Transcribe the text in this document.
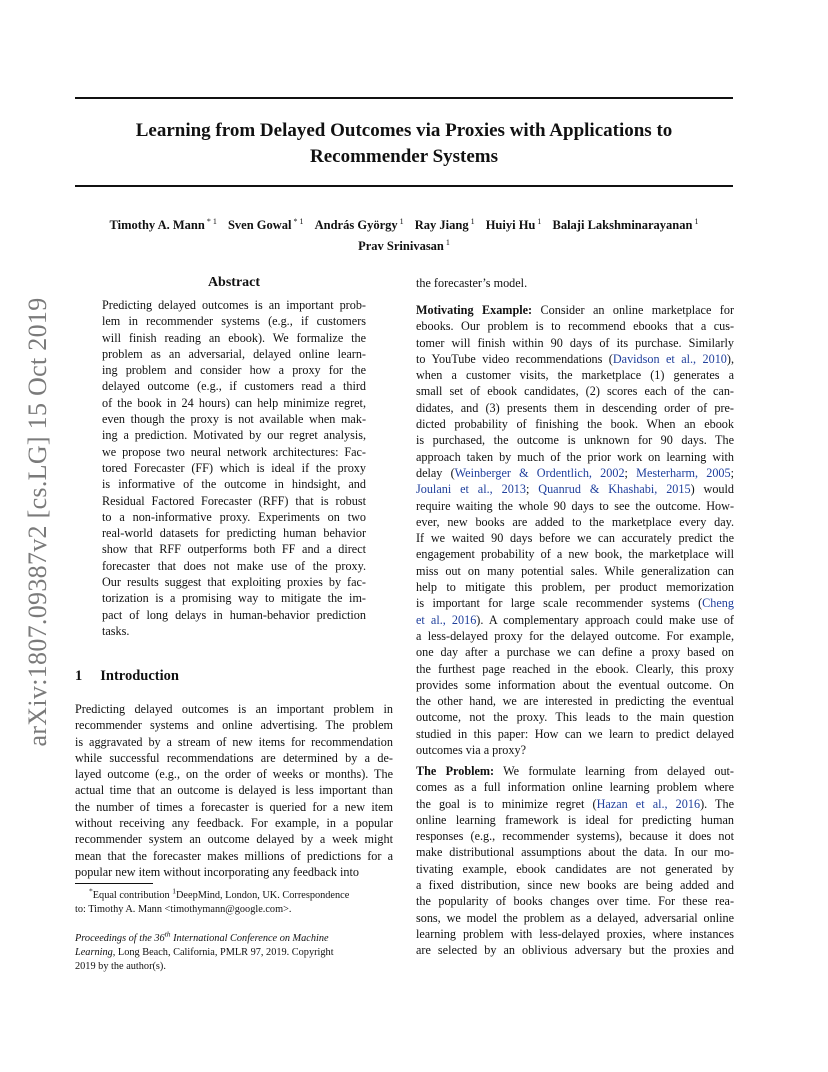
Learning from Delayed Outcomes via Proxies with Applications to
Recommender Systems
Timothy A. Mann $^{* 1}$ Sven Gowal $^{* 1}$ András György $^1$ Ray Jiang $^1$ Huiyi Hu $^1$ Balaji Lakshminarayanan $^1$
Prav Srinivasan $^1$
arXiv:1807.09387v2 [cs.LG] 15 Oct 2019
Abstract

Predicting delayed outcomes is an important prob-
lem in recommender systems (e.g., if customers
will finish reading an ebook). We formalize the
problem as an adversarial, delayed online learn-
ing problem and consider how a proxy for the
delayed outcome (e.g., if customers read a third
of the book in 24 hours) can help minimize regret,
even though the proxy is not available when mak-
ing a prediction. Motivated by our regret analysis,
we propose two neural network architectures: Fac-
tored Forecaster (FF) which is ideal if the proxy
is informative of the outcome in hindsight, and
Residual Factored Forecaster (RFF) that is robust
to a non-informative proxy. Experiments on two
real-world datasets for predicting human behavior
show that RFF outperforms both FF and a direct
forecaster that does not make use of the proxy.
Our results suggest that exploiting proxies by fac-
torization is a promising way to mitigate the im-
pact of long delays in human-behavior prediction
tasks.

1 Introduction

Predicting delayed outcomes is an important problem in
recommender systems and online advertising. The problem
is aggravated by a stream of new items for recommendation
while successful recommendations are determined by a de-
layed outcome (e.g., on the order of weeks or months). The
actual time that an outcome is delayed is less important than
the number of times a forecaster is queried for a new item
without receiving any feedback. For example, in a popular
recommender system an outcome delayed by a week might
mean that the forecaster makes millions of predictions for a
popular new item without incorporating any feedback into

*Equal contribution $^1$DeepMind, London, UK. Correspondence
to: Timothy A. Mann <timothymann@google.com>.
Proceedings of the 36th International Conference on Machine
Learning, Long Beach, California, PMLR 97, 2019. Copyright
2019 by the author(s).
the forecaster’s model.

Motivating Example: Consider an online marketplace for
ebooks. Our problem is to recommend ebooks that a cus-
tomer will finish within 90 days of its purchase. Similarly
to YouTube video recommendations (Davidson et al., 2010),
when a customer visits, the marketplace (1) generates a
small set of ebook candidates, (2) scores each of the can-
didates, and (3) presents them in descending order of pre-
dicted probability of finishing the book. When an ebook
is purchased, the outcome is unknown for 90 days. The
approach taken by much of the prior work on learning with
delay (Weinberger & Ordentlich, 2002; Mesterharm, 2005;
Joulani et al., 2013; Quanrud & Khashabi, 2015) would
require waiting the whole 90 days to see the outcome. How-
ever, new books are added to the marketplace every day.
If we waited 90 days before we can accurately predict the
engagement probability of a new book, the marketplace will
miss out on many potential sales. While generalization can
help to mitigate this problem, per product memorization
is important for large scale recommender systems (Cheng
et al., 2016). A complementary approach could make use of
a less-delayed proxy for the delayed outcome. For example,
one day after a purchase we can define a proxy based on
the furthest page reached in the ebook. Clearly, this proxy
provides some information about the eventual outcome. On
the other hand, we are interested in predicting the eventual
outcome, not the proxy. This leads to the main question
studied in this paper: How can we learn to predict delayed
outcomes via a proxy?

The Problem: We formulate learning from delayed out-
comes as a full information online learning problem where
the goal is to minimize regret (Hazan et al., 2016). The
online learning framework is ideal for predicting human
responses (e.g., recommender systems), because it does not
make distributional assumptions about the data. In our mo-
tivating example, ebook candidates are not generated by
a fixed distribution, since new books are being added and
the popularity of books changes over time. For these rea-
sons, we model the problem as a delayed, adversarial online
learning problem with less-delayed proxies, where instances
are selected by an oblivious adversary but the proxies and
